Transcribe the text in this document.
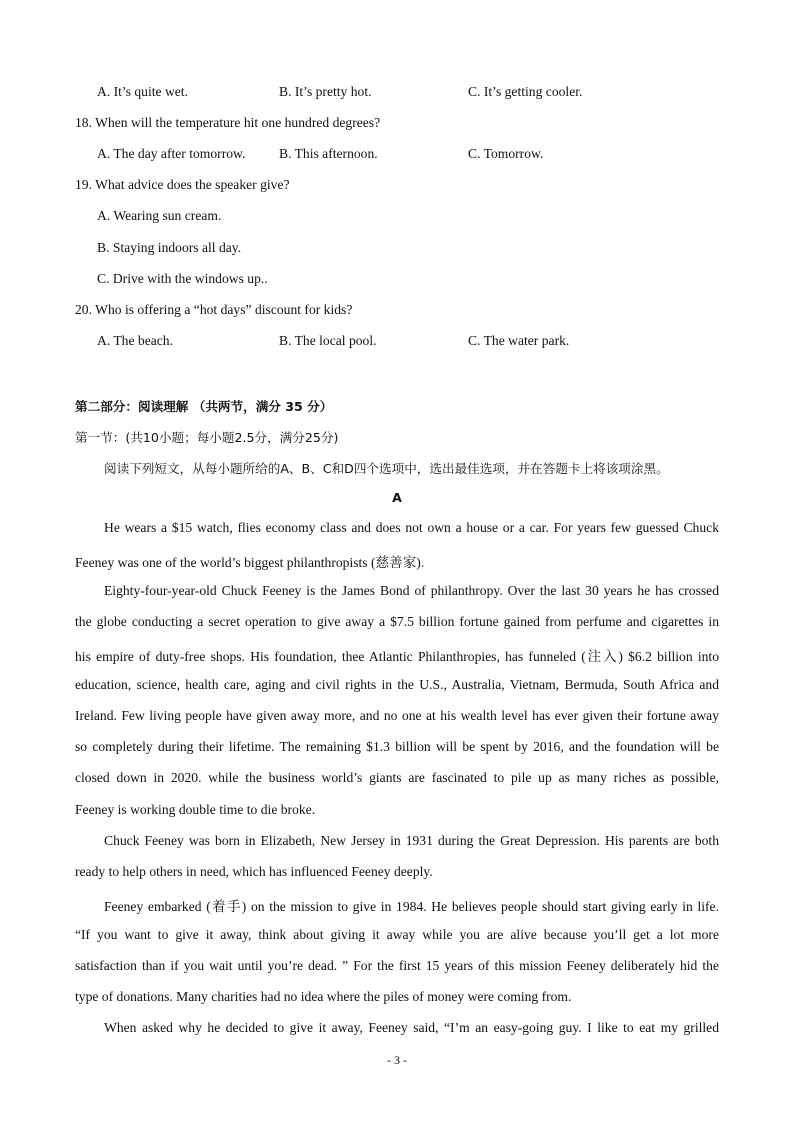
A. It’s quite wet.	B. It’s pretty hot.	C. It’s getting cooler.
18. When will the temperature hit one hundred degrees?
A. The day after tomorrow. B. This afternoon.	C. Tomorrow.
19. What advice does the speaker give?
A. Wearing sun cream.
B. Staying indoors all day.
C. Drive with the windows up..
20. Who is offering a “hot days” discount for kids?
A. The beach.	B. The local pool.	C. The water park.
第二部分：阅读理解 （共两节，满分 35 分）
第一节：(共10小题；每小题2.5分，满分25分)
阅读下列短文，从每小题所给的A、B、C和D四个选项中，选出最佳选项，并在答题卡上将该项涂黑。
A
He wears a $15 watch, flies economy class and does not own a house or a car. For years few guessed Chuck
Feeney was one of the world’s biggest philanthropists (慈善家).
Eighty-four-year-old Chuck Feeney is the James Bond of philanthropy. Over the last 30 years he has crossed
the globe conducting a secret operation to give away a $7.5 billion fortune gained from perfume and cigarettes in
his empire of duty-free shops. His foundation, thee Atlantic Philanthropies, has funneled (注入) $6.2 billion into
education, science, health care, aging and civil rights in the U.S., Australia, Vietnam, Bermuda, South Africa and
Ireland. Few living people have given away more, and no one at his wealth level has ever given their fortune away
so completely during their lifetime. The remaining $1.3 billion will be spent by 2016, and the foundation will be
closed down in 2020. while the business world’s giants are fascinated to pile up as many riches as possible,
Feeney is working double time to die broke.
Chuck Feeney was born in Elizabeth, New Jersey in 1931 during the Great Depression. His parents are both
ready to help others in need, which has influenced Feeney deeply.
Feeney embarked (着手) on the mission to give in 1984. He believes people should start giving early in life.
“If you want to give it away, think about giving it away while you are alive because you’ll get a lot more
satisfaction than if you wait until you’re dead. ” For the first 15 years of this mission Feeney deliberately hid the
type of donations. Many charities had no idea where the piles of money were coming from.
When asked why he decided to give it away, Feeney said, “I’m an easy-going guy. I like to eat my grilled
- 3 -
